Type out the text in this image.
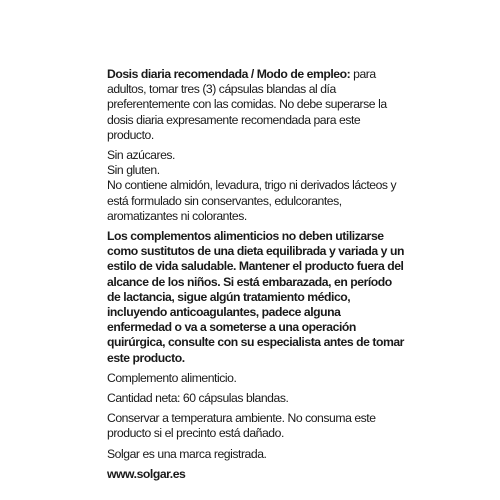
Dosis diaria recomendada / Modo de empleo: para adultos, tomar tres (3) cápsulas blandas al día preferentemente con las comidas. No debe superarse la dosis diaria expresamente recomendada para este producto.

Sin azúcares.

Sin gluten.

No contiene almidón, levadura, trigo ni derivados lácteos y está formulado sin conservantes, edulcorantes, aromatizantes ni colorantes.

Los complementos alimenticios no deben utilizarse como sustitutos de una dieta equilibrada y variada y un estilo de vida saludable. Mantener el producto fuera del alcance de los niños. Si está embarazada, en período de lactancia, sigue algún tratamiento médico, incluyendo anticoagulantes, padece alguna enfermedad o va a someterse a una operación quirúrgica, consulte con su especialista antes de tomar este producto.

Complemento alimenticio.

Cantidad neta: 60 cápsulas blandas.

Conservar a temperatura ambiente. No consuma este producto si el precinto está dañado.

Solgar es una marca registrada.

www.solgar.es
